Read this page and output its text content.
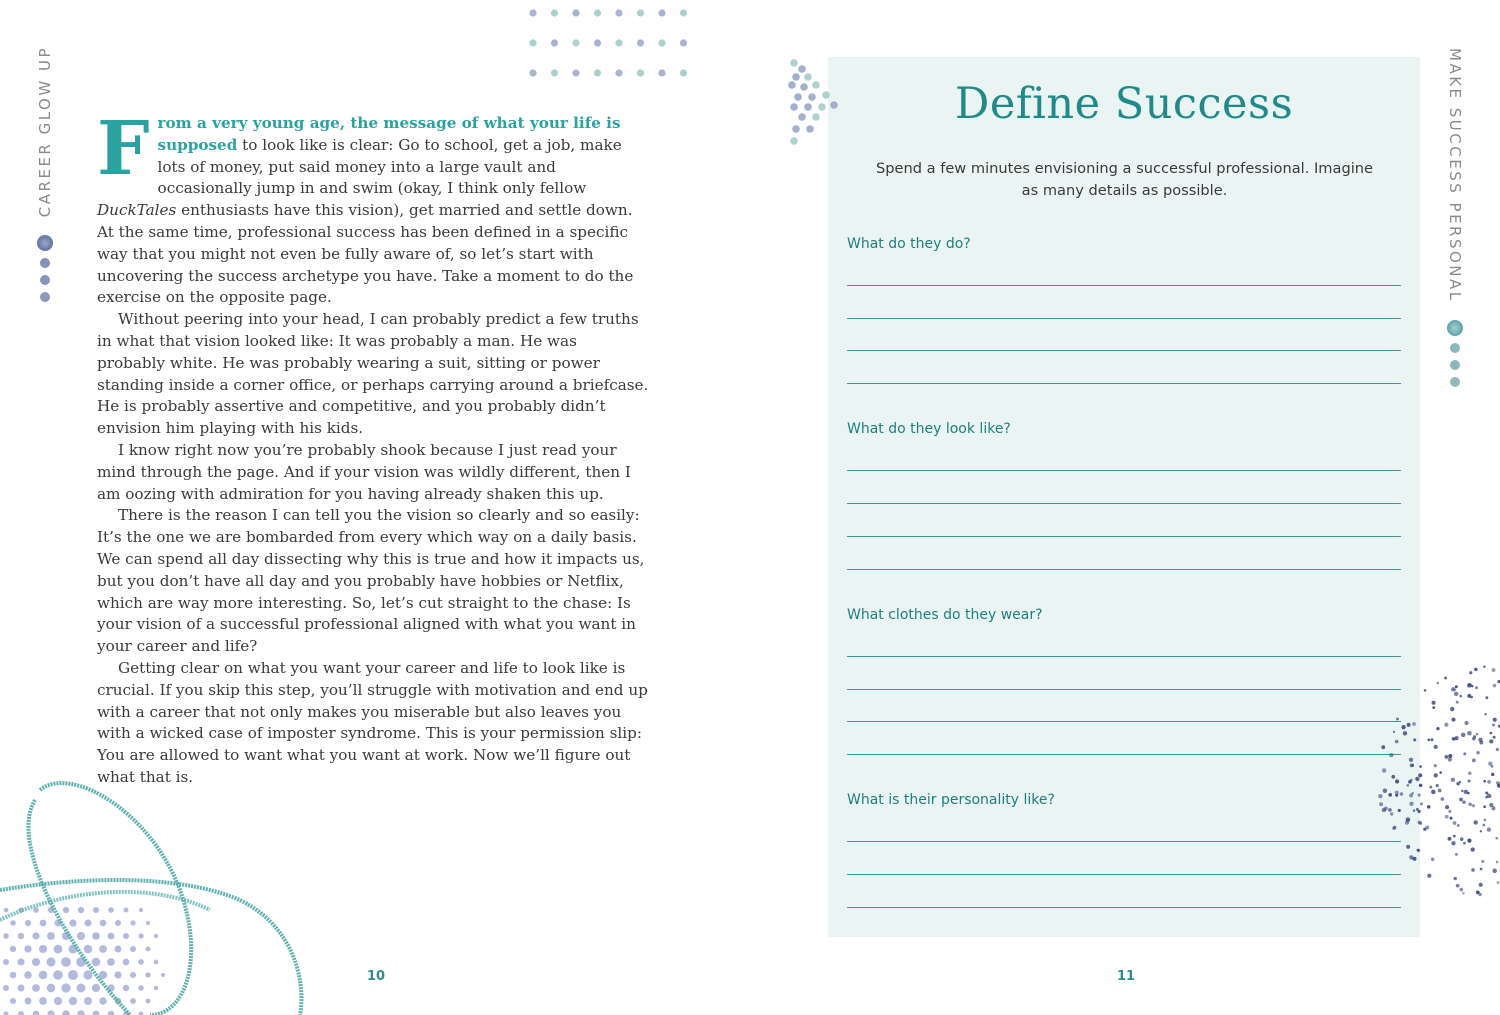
CAREER GLOW UP From a very young age, the message of what your life is supposed to look like is clear: Go to school, get a job, make lots of money, put said money into a large vault and occasionally jump in and swim (okay, I think only fellow DuckTales enthusiasts have this vision), get married and settle down. At the same time, professional success has been defined in a specific way that you might not even be fully aware of, so let’s start with uncovering the success archetype you have. Take a moment to do the exercise on the opposite page.

Without peering into your head, I can probably predict a few truths in what that vision looked like: It was probably a man. He was probably white. He was probably wearing a suit, sitting or power standing inside a corner office, or perhaps carrying around a briefcase. He is probably assertive and competitive, and you probably didn’t envision him playing with his kids.

I know right now you’re probably shook because I just read your mind through the page. And if your vision was wildly different, then I am oozing with admiration for you having already shaken this up.

There is the reason I can tell you the vision so clearly and so easily: It’s the one we are bombarded from every which way on a daily basis. We can spend all day dissecting why this is true and how it impacts us, but you don’t have all day and you probably have hobbies or Netflix, which are way more interesting. So, let’s cut straight to the chase: Is your vision of a successful professional aligned with what you want in your career and life?

Getting clear on what you want your career and life to look like is crucial. If you skip this step, you’ll struggle with motivation and end up with a career that not only makes you miserable but also leaves you with a wicked case of imposter syndrome. This is your permission slip: You are allowed to want what you want at work. Now we’ll figure out what that is.

10
Define Success
Spend a few minutes envisioning a successful professional. Imagine as many details as possible.
What do they do?
What do they look like?
What clothes do they wear?
What is their personality like?
MAKE SUCCESS PERSONAL
11
